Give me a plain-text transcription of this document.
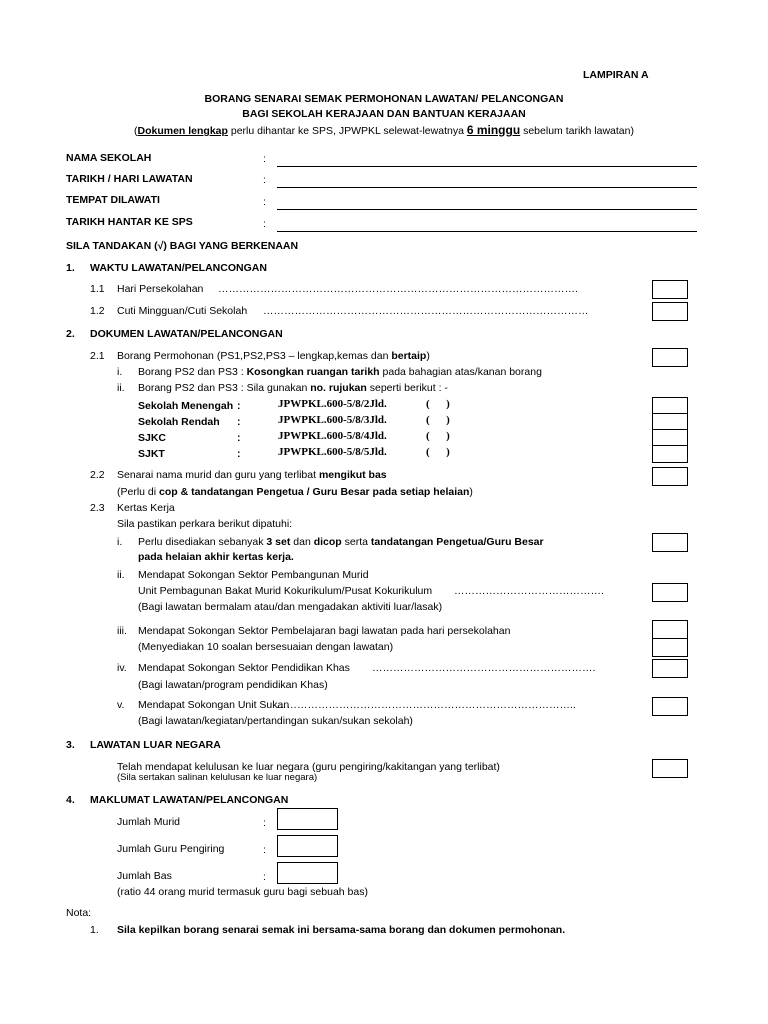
LAMPIRAN A
BORANG SENARAI SEMAK PERMOHONAN LAWATAN/ PELANCONGAN
BAGI SEKOLAH KERAJAAN DAN BANTUAN KERAJAAN
(Dokumen lengkap perlu dihantar ke SPS, JPWPKL selewat-lewatnya 6 minggu sebelum tarikh lawatan)
NAMA SEKOLAH	:
TARIKH / HARI LAWATAN	:
TEMPAT DILAWATI	:
TARIKH HANTAR KE SPS	:
SILA TANDAKAN (√) BAGI YANG BERKENAAN
1. WAKTU LAWATAN/PELANCONGAN
1.1 Hari Persekolahan ………………………………………………………………………………………….
1.2 Cuti Mingguan/Cuti Sekolah …………………………………………………………………………………
2. DOKUMEN LAWATAN/PELANCONGAN
2.1 Borang Permohonan (PS1,PS2,PS3 – lengkap,kemas dan bertaip)
i. Borang PS2 dan PS3 : Kosongkan ruangan tarikh pada bahagian atas/kanan borang
ii. Borang PS2 dan PS3 : Sila gunakan no. rujukan seperti berikut : -
Sekolah Menengah :	JPWPKL.600-5/8/2Jld.	(      )
Sekolah Rendah :	JPWPKL.600-5/8/3Jld.	(      )
SJKC	:	JPWPKL.600-5/8/4Jld.	(      )
SJKT	:	JPWPKL.600-5/8/5Jld.	(      )
2.2 Senarai nama murid dan guru yang terlibat mengikut bas
(Perlu di cop & tandatangan Pengetua / Guru Besar pada setiap helaian)
2.3 Kertas Kerja
Sila pastikan perkara berikut dipatuhi:
i. Perlu disediakan sebanyak 3 set dan dicop serta tandatangan Pengetua/Guru Besar
pada helaian akhir kertas kerja.
ii. Mendapat Sokongan Sektor Pembangunan Murid
Unit Pembagunan Bakat Murid Kokurikulum/Pusat Kokurikulum …………………………………….
(Bagi lawatan bermalam atau/dan mengadakan aktiviti luar/lasak)
iii. Mendapat Sokongan Sektor Pembelajaran bagi lawatan pada hari persekolahan
(Menyediakan 10 soalan bersesuaian dengan lawatan)
iv. Mendapat Sokongan Sektor Pendidikan Khas ……………………………………………………….
(Bagi lawatan/program pendidikan Khas)
v. Mendapat Sokongan Unit Sukan
…………………………………………………………………………..
(Bagi lawatan/kegiatan/pertandingan sukan/sukan sekolah)
3. LAWATAN LUAR NEGARA
Telah mendapat kelulusan ke luar negara (guru pengiring/kakitangan yang terlibat)
(Sila sertakan salinan kelulusan ke luar negara)
4. MAKLUMAT LAWATAN/PELANCONGAN
Jumlah Murid	:
Jumlah Guru Pengiring	:
Jumlah Bas	:
(ratio 44 orang murid termasuk guru bagi sebuah bas)
Nota:
1. Sila kepilkan borang senarai semak ini bersama-sama borang dan dokumen permohonan.
